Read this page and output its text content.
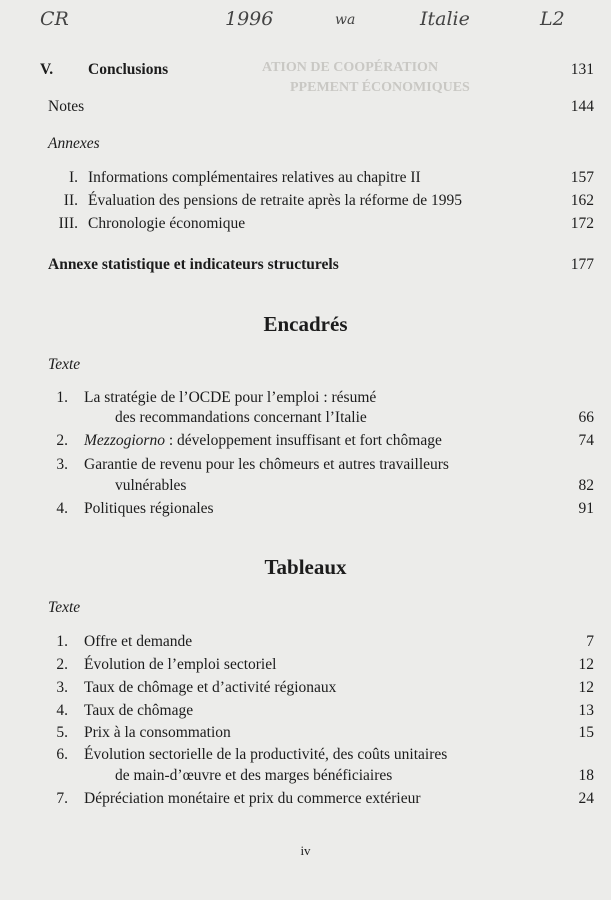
CR	1996	wa	Italie	L2
ATION DE COOPÉRATION
PPEMENT ÉCONOMIQUES
V.	Conclusions	131
Notes	144
Annexes
I. Informations complémentaires relatives au chapitre II	157
II. Évaluation des pensions de retraite après la réforme de 1995	162
III. Chronologie économique	172
Annexe statistique et indicateurs structurels	177
Encadrés
Texte
1. La stratégie de l’OCDE pour l’emploi : résumé
des recommandations concernant l’Italie	66
2. Mezzogiorno : développement insuffisant et fort chômage	74
3. Garantie de revenu pour les chômeurs et autres travailleurs
vulnérables	82
4. Politiques régionales	91
Tableaux
Texte
1. Offre et demande	7
2. Évolution de l’emploi sectoriel	12
3. Taux de chômage et d’activité régionaux	12
4. Taux de chômage	13
5. Prix à la consommation	15
6. Évolution sectorielle de la productivité, des coûts unitaires
de main-d’œuvre et des marges bénéficiaires	18
7. Dépréciation monétaire et prix du commerce extérieur	24
iv
